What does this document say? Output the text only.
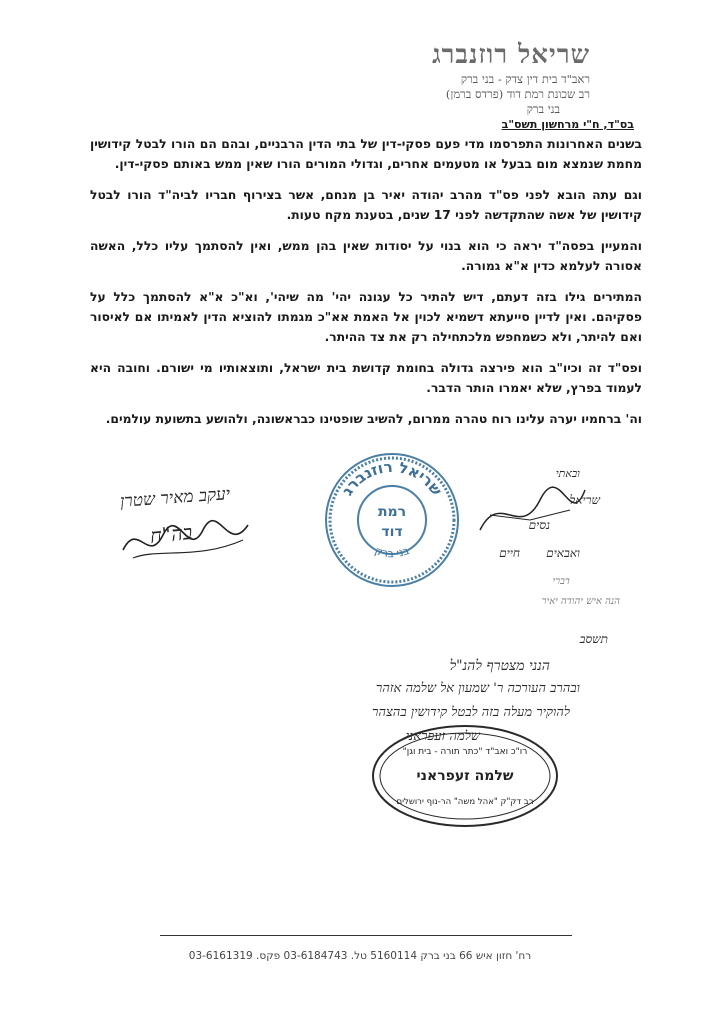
שריאל רוזנברג
ראב"ד בית דין צדק - בני ברק
רב שכונת רמת דוד (פרדס ברמן)
בני ברק
בס"ד, ח"י מרחשון תשס"ב

בשנים האחרונות התפרסמו מדי פעם פסקי-דין של בתי הדין הרבניים, ובהם הם הורו לבטל קידושין מחמת שנמצא מום בבעל או מטעמים אחרים, וגדולי המורים הורו שאין ממש באותם פסקי-דין.

וגם עתה הובא לפני פס"ד מהרב יהודה יאיר בן מנחם, אשר בצירוף חבריו לביה"ד הורו לבטל קידושין של אשה שהתקדשה לפני 17 שנים, בטענת מקח טעות.

והמעיין בפסה"ד יראה כי הוא בנוי על יסודות שאין בהן ממש, ואין להסתמך עליו כלל, האשה אסורה לעלמא כדין א"א גמורה.

המתירים גילו בזה דעתם, דיש להתיר כל עגונה יהי' מה שיהי', וא"כ א"א להסתמך כלל על פסקיהם. ואין לדיין סייעתא דשמיא לכוין אל האמת אא"כ מגמתו להוציא הדין לאמיתו אם לאיסור ואם להיתר, ולא כשמחפש מלכתחילה רק את צד ההיתר.

ופס"ד זה וכיו"ב הוא פירצה גדולה בחומת קדושת בית ישראל, ותוצאותיו מי ישורם. וחובה היא לעמוד בפרץ, שלא יאמרו הותר הדבר.

וה' ברחמיו יערה עלינו רוח טהרה ממרום, להשיב שופטינו כבראשונה, ולהושע בתשועת עולמים.

יעקב מאיר שטרן
בה"ח
שריאל רוזנברג
בני ברק
רמת
דוד
ובאתי
שריאל
נסים
ואבאים
חיים
דברי
הנה איש יהודה יאיר
תשסב
הנני מצטרף להנ"ל
ובהרב העורכה ר' שמעון אל שלמה אזהר
להוקיר מעלה בזה לבטל קידושין בהצהר
שלמה זעפראני
רו"כ ואב"ד "כתר תורה - בית וגן"
שלמה זעפראני
רב דק"ק "אהל משה" הר-נוף ירושלים
רח' חזון איש 66 בני ברק 5160114 טל. 03-6184743 פקס. 03-6161319
